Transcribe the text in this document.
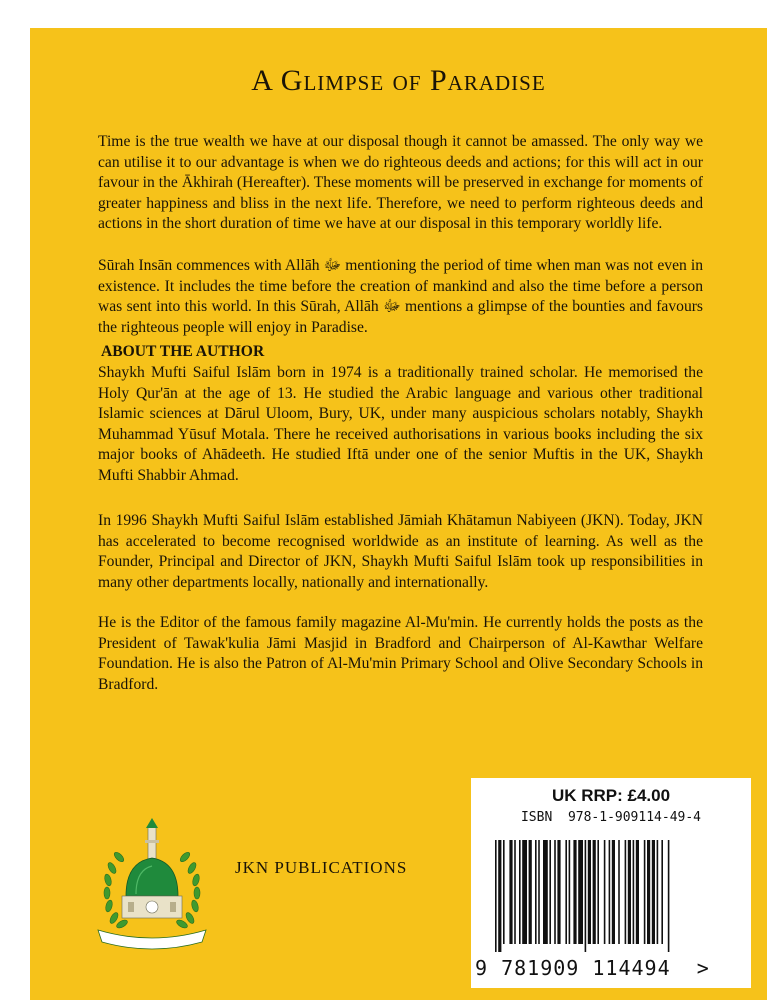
A Glimpse of Paradise

Time is the true wealth we have at our disposal though it cannot be amassed. The only way we can utilise it to our advantage is when we do righteous deeds and actions; for this will act in our favour in the Ākhirah (Hereafter). These moments will be preserved in exchange for moments of greater happiness and bliss in the next life. Therefore, we need to perform righteous deeds and actions in the short duration of time we have at our disposal in this temporary worldly life.

Sūrah Insān commences with Allāh ﷻ mentioning the period of time when man was not even in existence. It includes the time before the creation of mankind and also the time before a person was sent into this world. In this Sūrah, Allāh ﷻ mentions a glimpse of the bounties and favours the righteous people will enjoy in Paradise.

ABOUT THE AUTHOR

Shaykh Mufti Saiful Islām born in 1974 is a traditionally trained scholar. He memorised the Holy Qur'ān at the age of 13. He studied the Arabic language and various other traditional Islamic sciences at Dārul Uloom, Bury, UK, under many auspicious scholars notably, Shaykh Muhammad Yūsuf Motala. There he received authorisations in various books including the six major books of Ahādeeth. He studied Iftā under one of the senior Muftis in the UK, Shaykh Mufti Shabbir Ahmad.

In 1996 Shaykh Mufti Saiful Islām established Jāmiah Khātamun Nabiyeen (JKN). Today, JKN has accelerated to become recognised worldwide as an institute of learning. As well as the Founder, Principal and Director of JKN, Shaykh Mufti Saiful Islām took up responsibilities in many other departments locally, nationally and internationally.

He is the Editor of the famous family magazine Al-Mu'min. He currently holds the posts as the President of Tawak'kulia Jāmi Masjid in Bradford and Chairperson of Al-Kawthar Welfare Foundation. He is also the Patron of Al-Mu'min Primary School and Olive Secondary Schools in Bradford.

JKN PUBLICATIONS
UK RRP: £4.00
ISBN  978-1-909114-49-4
9 781909 114494  >
